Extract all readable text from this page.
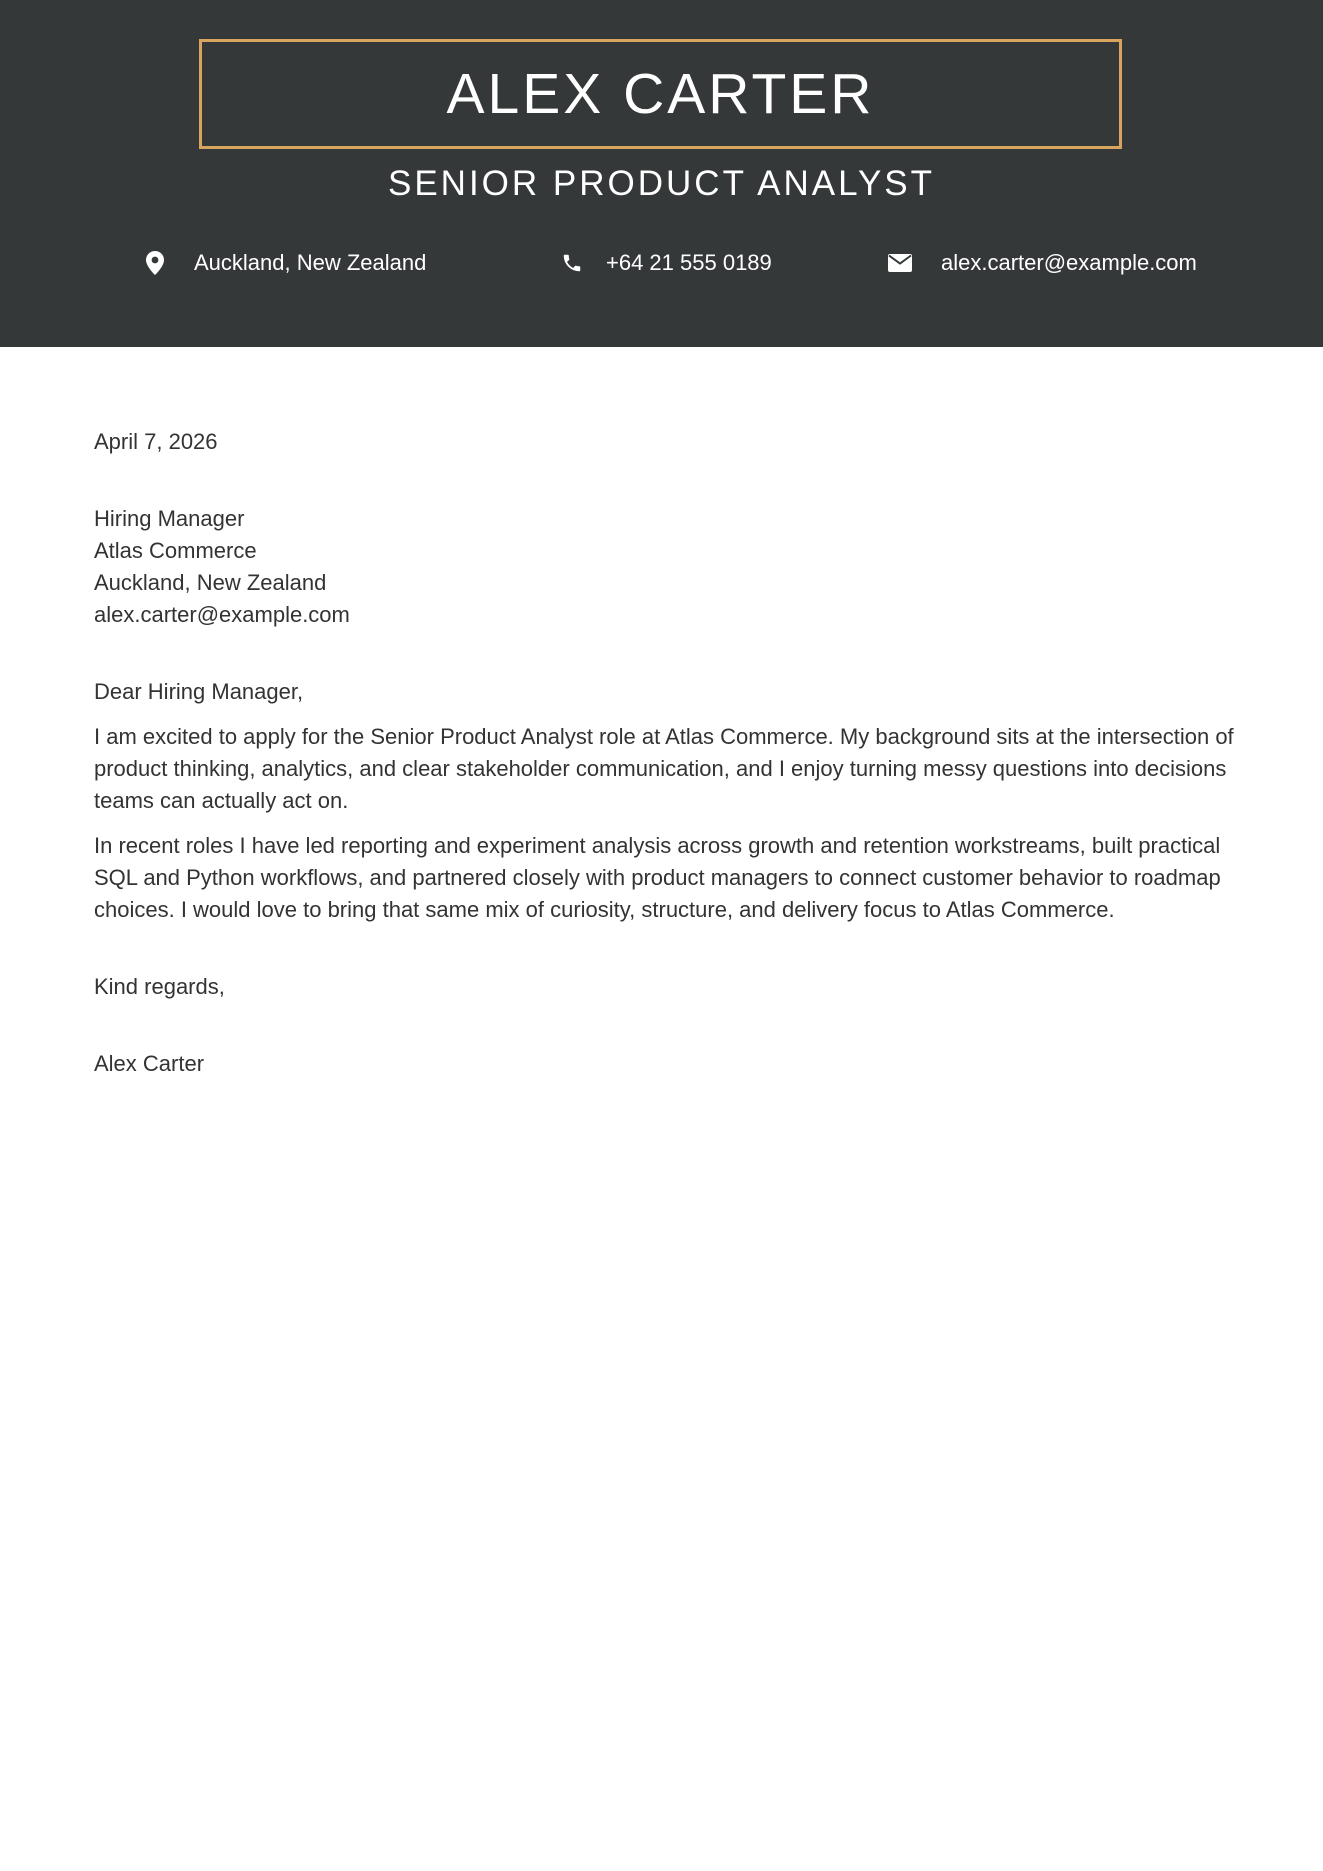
ALEX CARTER
SENIOR PRODUCT ANALYST
Auckland, New Zealand	+64 21 555 0189	alex.carter@example.com

April 7, 2026

Hiring Manager
Atlas Commerce
Auckland, New Zealand
alex.carter@example.com

Dear Hiring Manager,

I am excited to apply for the Senior Product Analyst role at Atlas Commerce. My background sits at the intersection of product thinking, analytics, and clear stakeholder communication, and I enjoy turning messy questions into decisions teams can actually act on.

In recent roles I have led reporting and experiment analysis across growth and retention workstreams, built practical SQL and Python workflows, and partnered closely with product managers to connect customer behavior to roadmap choices. I would love to bring that same mix of curiosity, structure, and delivery focus to Atlas Commerce.

Kind regards,

Alex Carter
